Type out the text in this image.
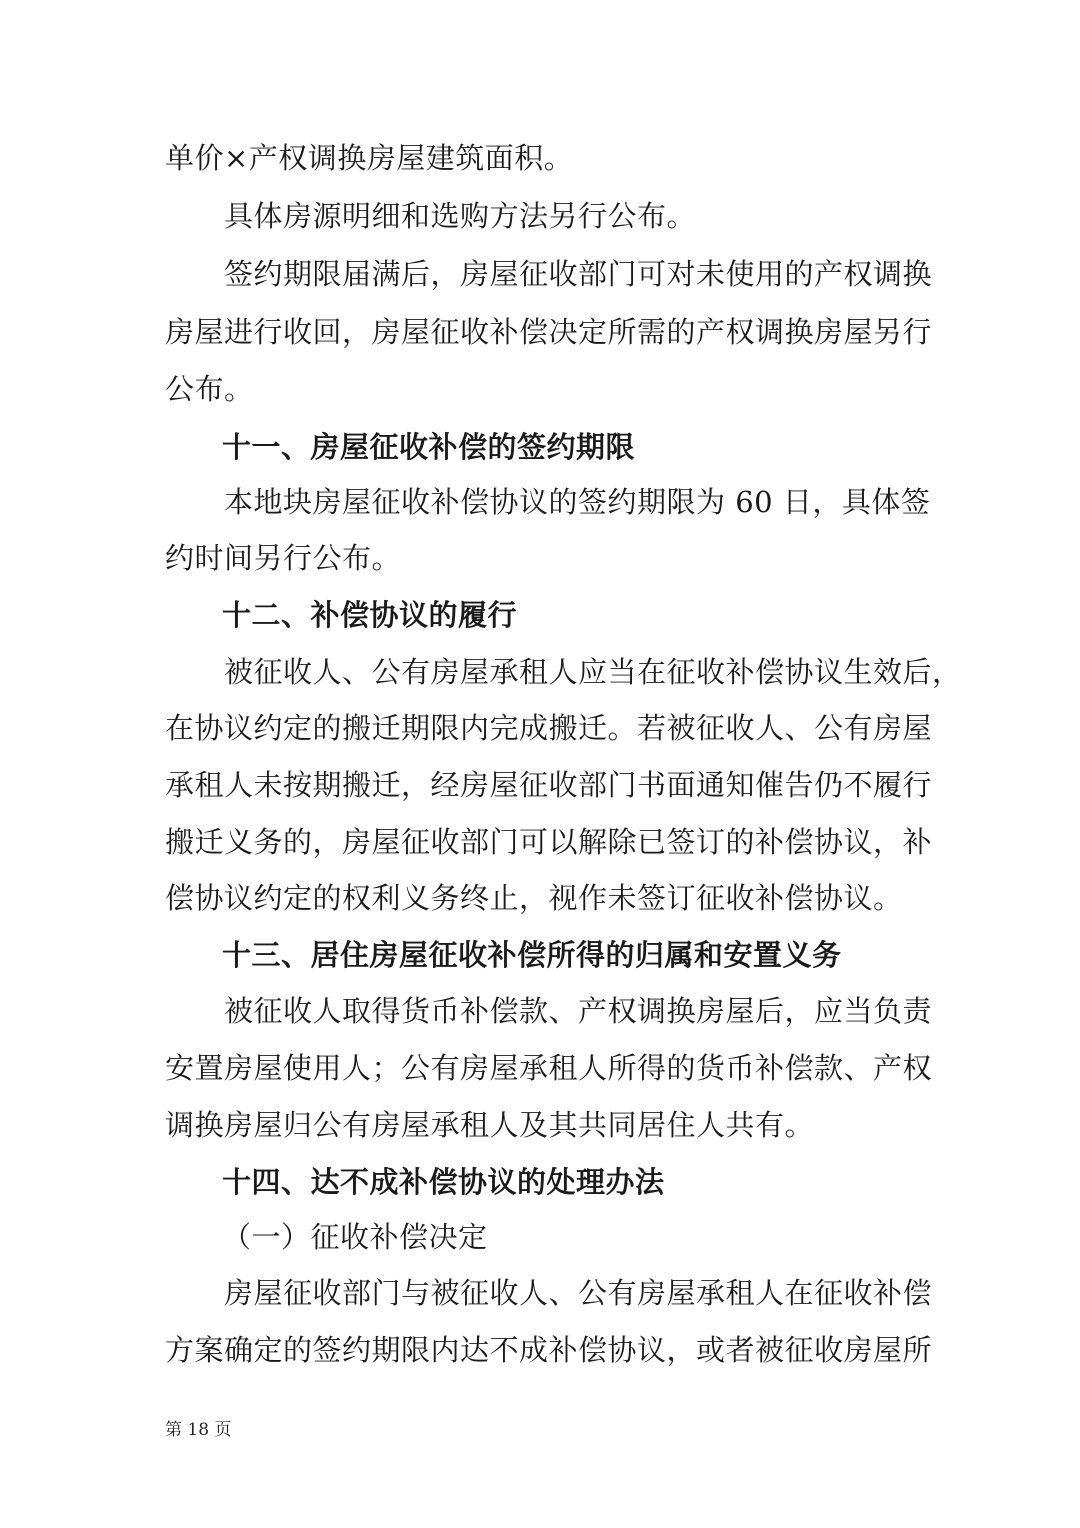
单价×产权调换房屋建筑面积。
具体房源明细和选购方法另行公布。
签约期限届满后，房屋征收部门可对未使用的产权调换
房屋进行收回，房屋征收补偿决定所需的产权调换房屋另行
公布。
十一、房屋征收补偿的签约期限
本地块房屋征收补偿协议的签约期限为 60 日，具体签
约时间另行公布。
十二、补偿协议的履行
被征收人、公有房屋承租人应当在征收补偿协议生效后，
在协议约定的搬迁期限内完成搬迁。若被征收人、公有房屋
承租人未按期搬迁，经房屋征收部门书面通知催告仍不履行
搬迁义务的，房屋征收部门可以解除已签订的补偿协议，补
偿协议约定的权利义务终止，视作未签订征收补偿协议。
十三、居住房屋征收补偿所得的归属和安置义务
被征收人取得货币补偿款、产权调换房屋后，应当负责
安置房屋使用人；公有房屋承租人所得的货币补偿款、产权
调换房屋归公有房屋承租人及其共同居住人共有。
十四、达不成补偿协议的处理办法
（一）征收补偿决定
房屋征收部门与被征收人、公有房屋承租人在征收补偿
方案确定的签约期限内达不成补偿协议，或者被征收房屋所
第 18 页
